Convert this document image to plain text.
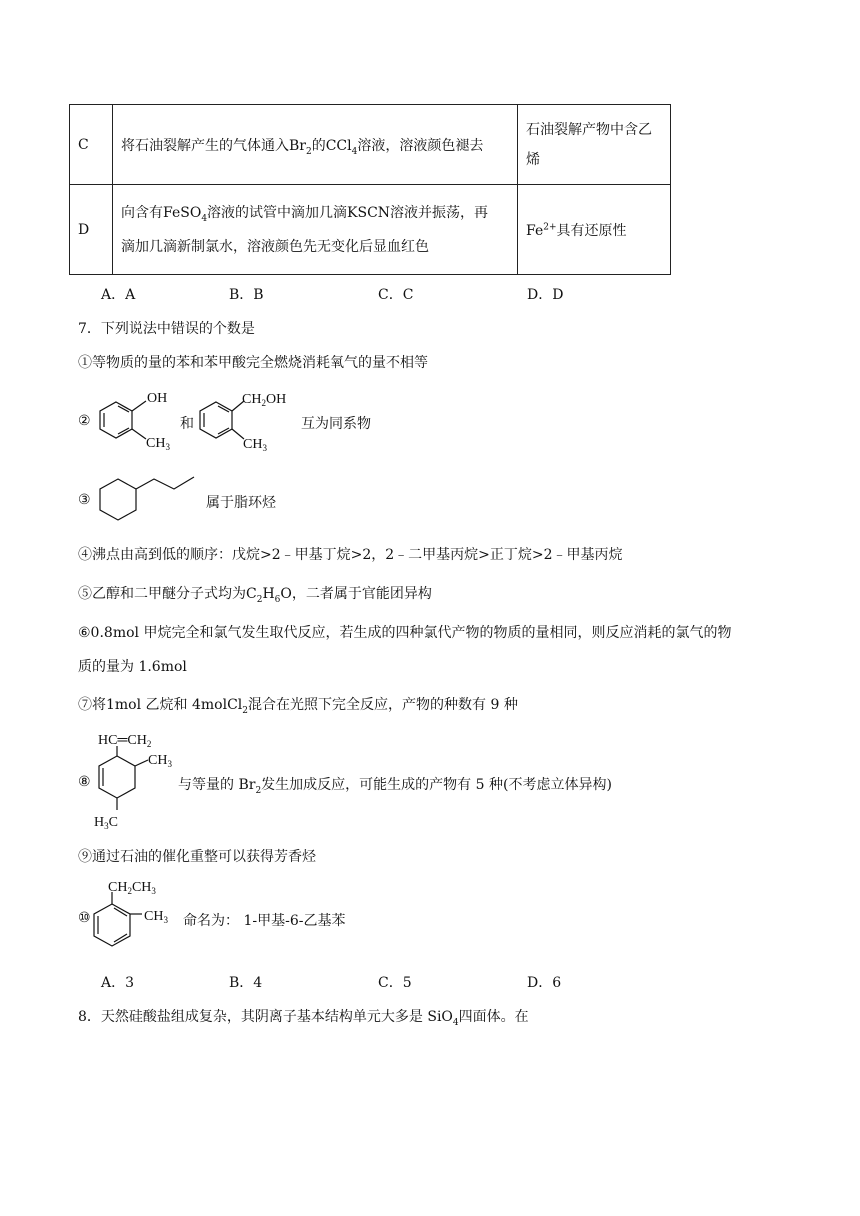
C	将石油裂解产生的气体通入$Br_2$的CCl$_4$溶液，溶液颜色褪去	石油裂解产物中含乙
烯

D	向含有FeSO$_4$溶液的试管中滴加几滴KSCN溶液并振荡，再
滴加几滴新制氯水，溶液颜色先无变化后显血红色	$Fe^{2+}$具有还原性
A．A	B．B	C．C	D．D
7．下列说法中错误的个数是
①等物质的量的苯和苯甲酸完全燃烧消耗氧气的量不相等
②
OH
$CH_3$
$CH_2OH$
$CH_3$
和	互为同系物
③	属于脂环烃
④沸点由高到低的顺序：戊烷>2﹣甲基丁烷>2，2﹣二甲基丙烷>正丁烷>2﹣甲基丙烷
⑤乙醇和二甲醚分子式均为$C_2H_6O$，二者属于官能团异构
⑥0.8mol 甲烷完全和氯气发生取代反应，若生成的四种氯代产物的物质的量相同，则反应消耗的氯气的物
质的量为 1.6mol
⑦将1mol 乙烷和 4molCl$_2$混合在光照下完全反应，产物的种数有 9 种
⑧
$HC═CH_2$
$CH_3$
$H_3C$
与等量的 $Br_2$发生加成反应，可能生成的产物有 5 种(不考虑立体异构)
⑨通过石油的催化重整可以获得芳香烃
⑩
$CH_2CH_3$
$CH_3$ 命名为： 1-甲基-6-乙基苯
A．3	B．4	C．5	D．6
8．天然硅酸盐组成复杂，其阴离子基本结构单元大多是 SiO$_4$四面体。在
